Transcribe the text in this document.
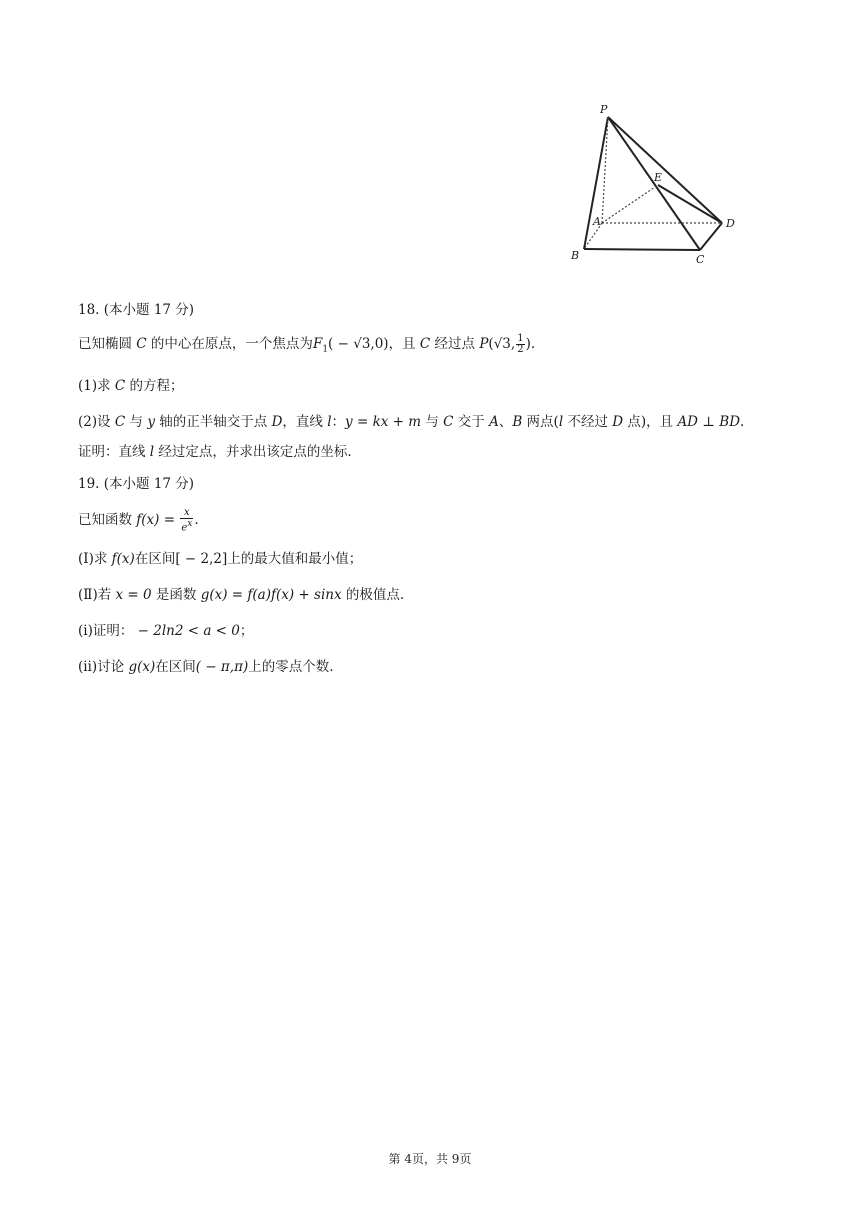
P
E
A	D
B	C
18. (本小题 17 分)
已知椭圆 C 的中心在原点，一个焦点为$F_1( - √3,0)$，且 C 经过点 P(√3, $\frac{1}{2}$ ).
(1)求 C 的方程；
(2)设 C 与 y 轴的正半轴交于点 D，直线 l：y = kx + m 与 C 交于 A、B 两点(l 不经过 D 点)，且 AD ⊥ BD.
证明：直线 l 经过定点，并求出该定点的坐标.
19. (本小题 17 分)
已知函数 $f(x) = \frac{x}{e^x}$ .
(Ⅰ)求 f(x)在区间[ − 2,2]上的最大值和最小值；
(Ⅱ)若 x = 0 是函数 g(x) = f(a)f(x) + sinx 的极值点.
(ⅰ)证明： − 2ln2 < a < 0；
(ⅱ)讨论 g(x)在区间( − π,π)上的零点个数.
第 4页，共 9页
